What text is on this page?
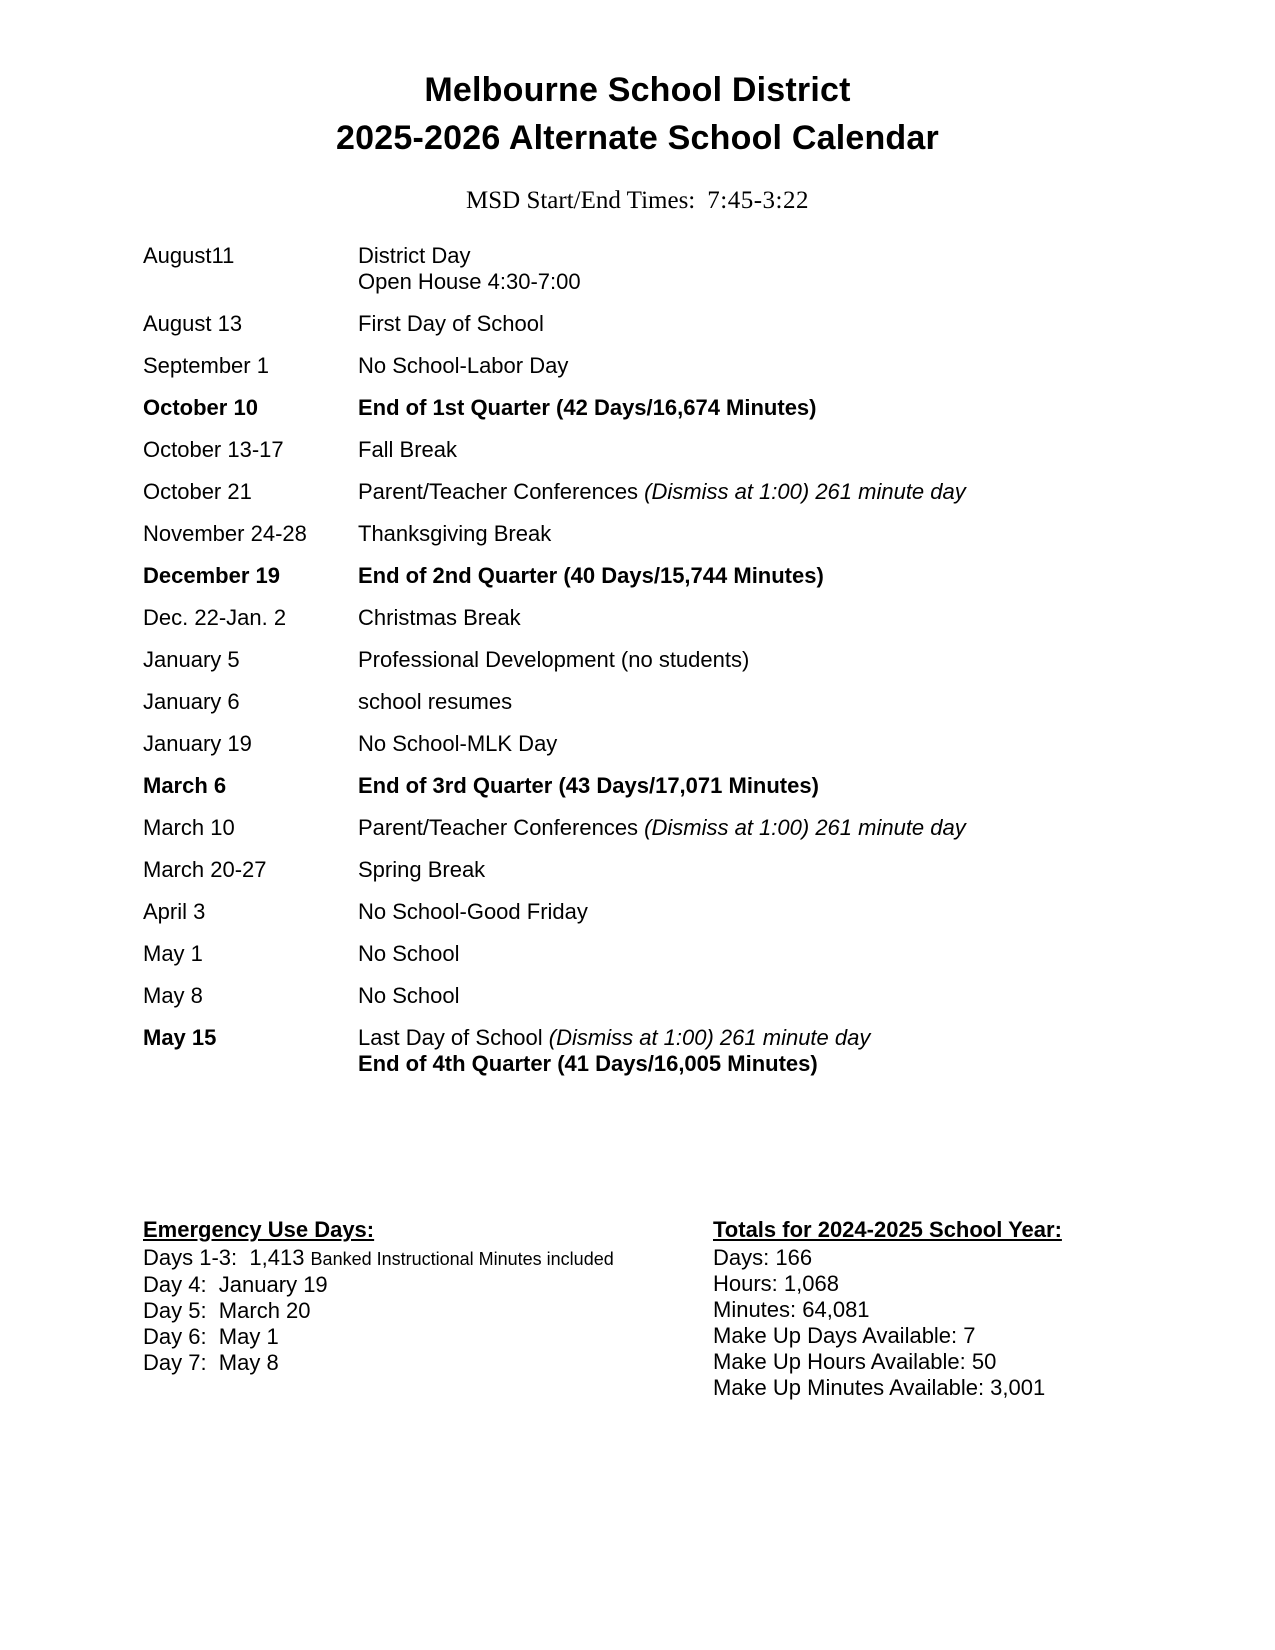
Melbourne School District
2025-2026 Alternate School Calendar
MSD Start/End Times: 7:45-3:22
August11	District Day
Open House 4:30-7:00
August 13	First Day of School
September 1	No School-Labor Day
October 10	End of 1st Quarter (42 Days/16,674 Minutes)
October 13-17	Fall Break
October 21	Parent/Teacher Conferences (Dismiss at 1:00) 261 minute day
November 24-28	Thanksgiving Break
December 19	End of 2nd Quarter (40 Days/15,744 Minutes)
Dec. 22-Jan. 2	Christmas Break
January 5	Professional Development (no students)
January 6	school resumes
January 19	No School-MLK Day
March 6	End of 3rd Quarter (43 Days/17,071 Minutes)
March 10	Parent/Teacher Conferences (Dismiss at 1:00) 261 minute day
March 20-27	Spring Break
April 3	No School-Good Friday
May 1	No School
May 8	No School
May 15	Last Day of School (Dismiss at 1:00) 261 minute day
End of 4th Quarter (41 Days/16,005 Minutes)
Emergency Use Days:
Days 1-3:  1,413 Banked Instructional Minutes included
Day 4:  January 19
Day 5:  March 20
Day 6:  May 1
Day 7:  May 8
Totals for 2024-2025 School Year:
Days: 166
Hours: 1,068
Minutes: 64,081
Make Up Days Available: 7
Make Up Hours Available: 50
Make Up Minutes Available: 3,001
